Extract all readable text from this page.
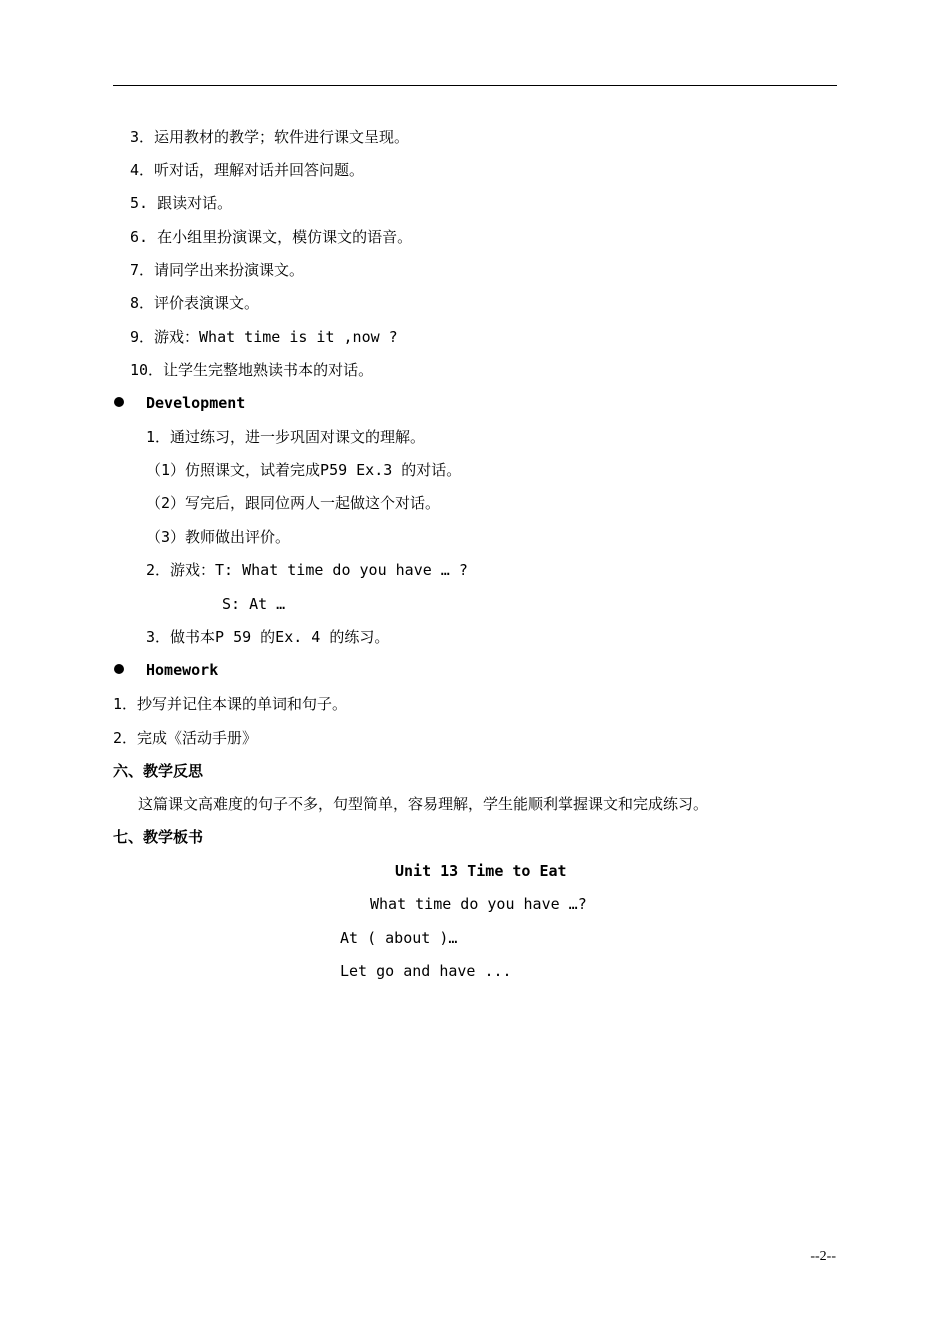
3．运用教材的教学；软件进行课文呈现。
4．听对话，理解对话并回答问题。
5. 跟读对话。
6. 在小组里扮演课文，模仿课文的语音。
7．请同学出来扮演课文。
8．评价表演课文。
9．游戏：What time is it ,now ?
10．让学生完整地熟读书本的对话。
Development
1．通过练习，进一步巩固对课文的理解。
（1）仿照课文，试着完成P59 Ex.3 的对话。
（2）写完后，跟同位两人一起做这个对话。
（3）教师做出评价。
2．游戏：T: What time do you have … ?
S: At …
3．做书本P 59 的Ex. 4 的练习。
Homework
1．抄写并记住本课的单词和句子。
2．完成《活动手册》
六、教学反思
这篇课文高难度的句子不多，句型简单，容易理解，学生能顺利掌握课文和完成练习。
七、教学板书
Unit 13 Time to Eat
What time do you have …?
At ( about )…
Let go and have ...
--2--
